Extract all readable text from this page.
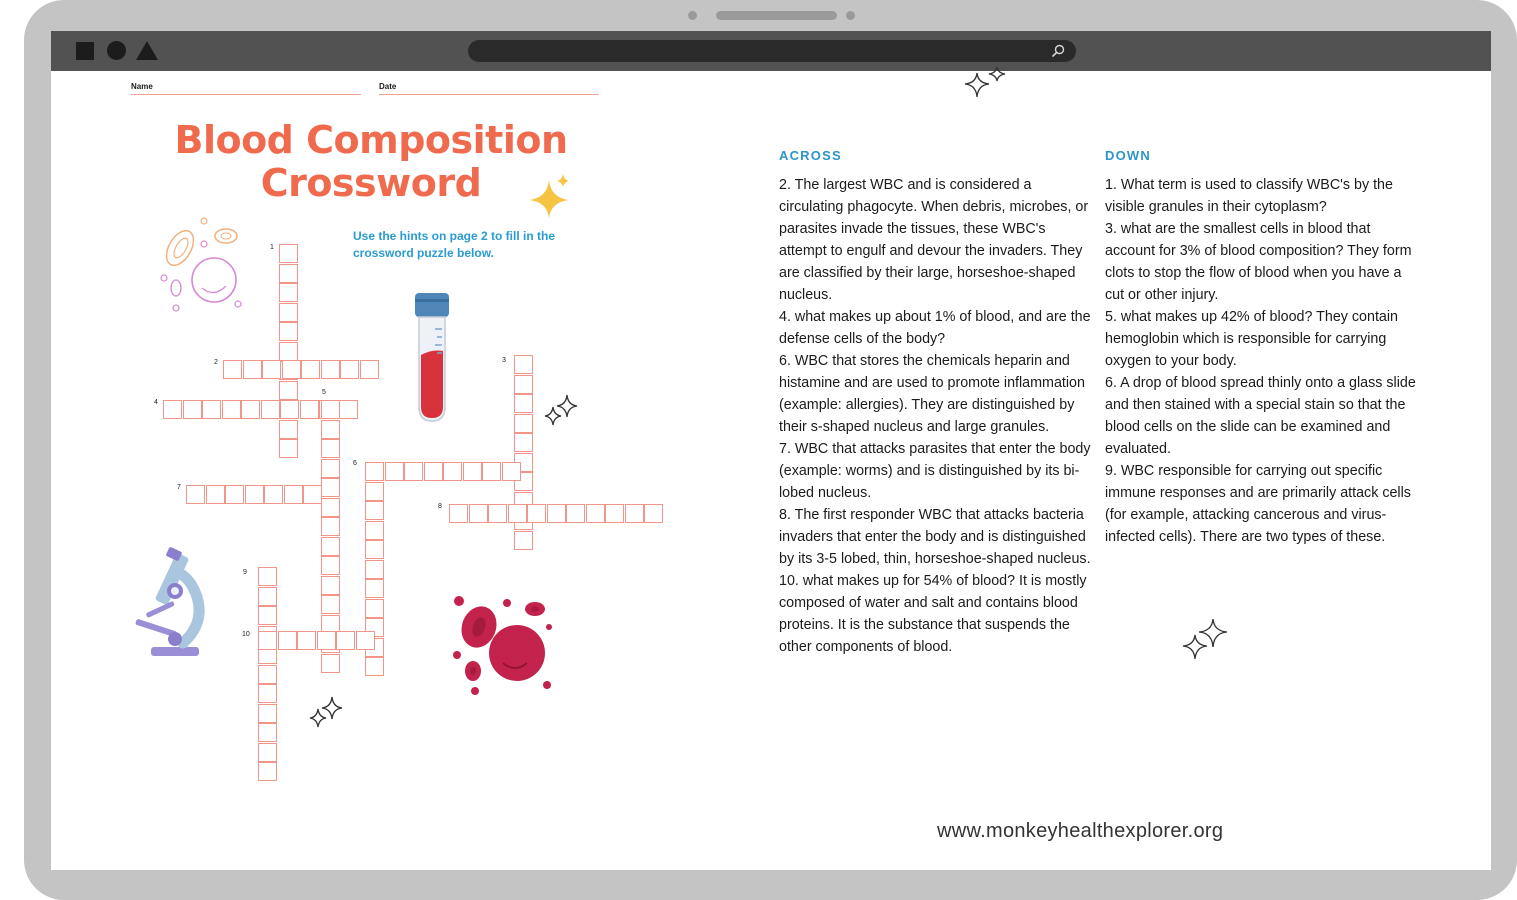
Name	Date
Blood Composition
Crossword
Use the hints on page 2 to fill in the crossword puzzle below.
1
2	3
4
5
6
7
8
9
10
ACROSS

2. The largest WBC and is considered a circulating phagocyte. When debris, microbes, or parasites invade the tissues, these WBC's attempt to engulf and devour the invaders. They are classified by their large, horseshoe-shaped nucleus.

4. what makes up about 1% of blood, and are the defense cells of the body?

6. WBC that stores the chemicals heparin and histamine and are used to promote inflammation (example: allergies). They are distinguished by their s-shaped nucleus and large granules.

7. WBC that attacks parasites that enter the body (example: worms) and is distinguished by its bi-lobed nucleus.

8. The first responder WBC that attacks bacteria invaders that enter the body and is distinguished by its 3-5 lobed, thin, horseshoe-shaped nucleus.

10. what makes up for 54% of blood? It is mostly composed of water and salt and contains blood proteins. It is the substance that suspends the other components of blood.

DOWN

1. What term is used to classify WBC's by the visible granules in their cytoplasm?

3. what are the smallest cells in blood that account for 3% of blood composition? They form clots to stop the flow of blood when you have a cut or other injury.

5. what makes up 42% of blood? They contain hemoglobin which is responsible for carrying oxygen to your body.

6. A drop of blood spread thinly onto a glass slide and then stained with a special stain so that the blood cells on the slide can be examined and evaluated.

9. WBC responsible for carrying out specific immune responses and are primarily attack cells (for example, attacking cancerous and virus-infected cells). There are two types of these.

www.monkeyhealthexplorer.org
